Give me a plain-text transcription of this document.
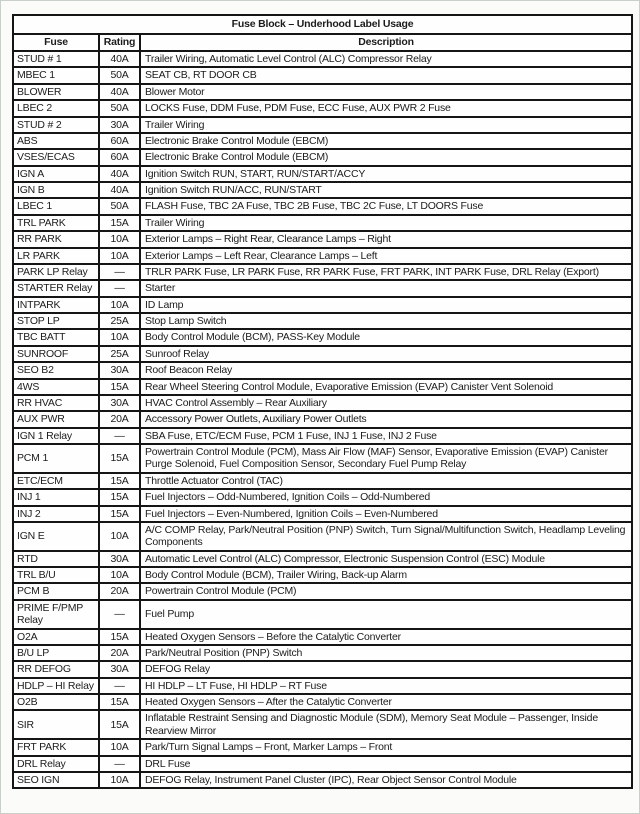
Fuse Block – Underhood Label Usage		
Fuse	Rating	Description
STUD # 1	40A	Trailer Wiring, Automatic Level Control (ALC) Compressor Relay
MBEC 1	50A	SEAT CB, RT DOOR CB
BLOWER	40A	Blower Motor
LBEC 2	50A	LOCKS Fuse, DDM Fuse, PDM Fuse, ECC Fuse, AUX PWR 2 Fuse
STUD # 2	30A	Trailer Wiring
ABS	60A	Electronic Brake Control Module (EBCM)
VSES/ECAS	60A	Electronic Brake Control Module (EBCM)
IGN A	40A	Ignition Switch RUN, START, RUN/START/ACCY
IGN B	40A	Ignition Switch RUN/ACC, RUN/START
LBEC 1	50A	FLASH Fuse, TBC 2A Fuse, TBC 2B Fuse, TBC 2C Fuse, LT DOORS Fuse
TRL PARK	15A	Trailer Wiring
RR PARK	10A	Exterior Lamps – Right Rear, Clearance Lamps – Right
LR PARK	10A	Exterior Lamps – Left Rear, Clearance Lamps – Left
PARK LP Relay	—	TRLR PARK Fuse, LR PARK Fuse, RR PARK Fuse, FRT PARK, INT PARK Fuse, DRL Relay (Export)
STARTER Relay	—	Starter
INTPARK	10A	ID Lamp
STOP LP	25A	Stop Lamp Switch
TBC BATT	10A	Body Control Module (BCM), PASS-Key Module
SUNROOF	25A	Sunroof Relay
SEO B2	30A	Roof Beacon Relay
4WS	15A	Rear Wheel Steering Control Module, Evaporative Emission (EVAP) Canister Vent Solenoid
RR HVAC	30A	HVAC Control Assembly – Rear Auxiliary
AUX PWR	20A	Accessory Power Outlets, Auxiliary Power Outlets
IGN 1 Relay	—	SBA Fuse, ETC/ECM Fuse, PCM 1 Fuse, INJ 1 Fuse, INJ 2 Fuse
PCM 1	15A	Powertrain Control Module (PCM), Mass Air Flow (MAF) Sensor, Evaporative Emission (EVAP) Canister Purge Solenoid, Fuel Composition Sensor, Secondary Fuel Pump Relay
ETC/ECM	15A	Throttle Actuator Control (TAC)
INJ 1	15A	Fuel Injectors – Odd-Numbered, Ignition Coils – Odd-Numbered
INJ 2	15A	Fuel Injectors – Even-Numbered, Ignition Coils – Even-Numbered
IGN E	10A	A/C COMP Relay, Park/Neutral Position (PNP) Switch, Turn Signal/Multifunction Switch, Headlamp Leveling Components
RTD	30A	Automatic Level Control (ALC) Compressor, Electronic Suspension Control (ESC) Module
TRL B/U	10A	Body Control Module (BCM), Trailer Wiring, Back-up Alarm
PCM B	20A	Powertrain Control Module (PCM)
PRIME F/PMP Relay	—	Fuel Pump
O2A	15A	Heated Oxygen Sensors – Before the Catalytic Converter
B/U LP	20A	Park/Neutral Position (PNP) Switch
RR DEFOG	30A	DEFOG Relay
HDLP – HI Relay	—	HI HDLP – LT Fuse, HI HDLP – RT Fuse
O2B	15A	Heated Oxygen Sensors – After the Catalytic Converter
SIR	15A	Inflatable Restraint Sensing and Diagnostic Module (SDM), Memory Seat Module – Passenger, Inside Rearview Mirror
FRT PARK	10A	Park/Turn Signal Lamps – Front, Marker Lamps – Front
DRL Relay	—	DRL Fuse
SEO IGN	10A	DEFOG Relay, Instrument Panel Cluster (IPC), Rear Object Sensor Control Module
